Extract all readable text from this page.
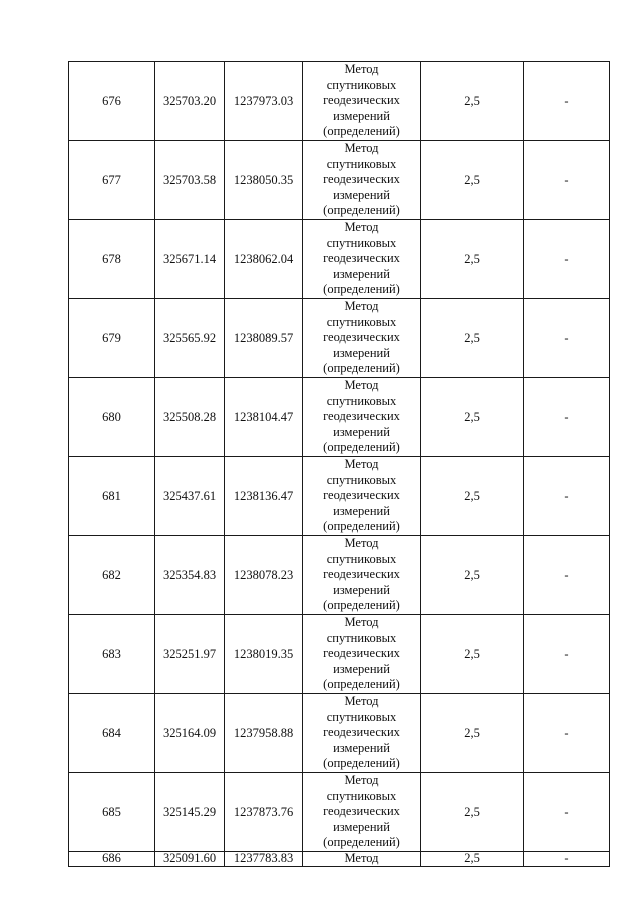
676	325703.20	1237973.03	Метод
спутниковых
геодезических
измерений
(определений)	2,5	-
677	325703.58	1238050.35	Метод
спутниковых
геодезических
измерений
(определений)	2,5	-
678	325671.14	1238062.04	Метод
спутниковых
геодезических
измерений
(определений)	2,5	-
679	325565.92	1238089.57	Метод
спутниковых
геодезических
измерений
(определений)	2,5	-
680	325508.28	1238104.47	Метод
спутниковых
геодезических
измерений
(определений)	2,5	-
681	325437.61	1238136.47	Метод
спутниковых
геодезических
измерений
(определений)	2,5	-
682	325354.83	1238078.23	Метод
спутниковых
геодезических
измерений
(определений)	2,5	-
683	325251.97	1238019.35	Метод
спутниковых
геодезических
измерений
(определений)	2,5	-
684	325164.09	1237958.88	Метод
спутниковых
геодезических
измерений
(определений)	2,5	-
685	325145.29	1237873.76	Метод
спутниковых
геодезических
измерений
(определений)	2,5	-
686	325091.60	1237783.83	Метод	2,5	-
